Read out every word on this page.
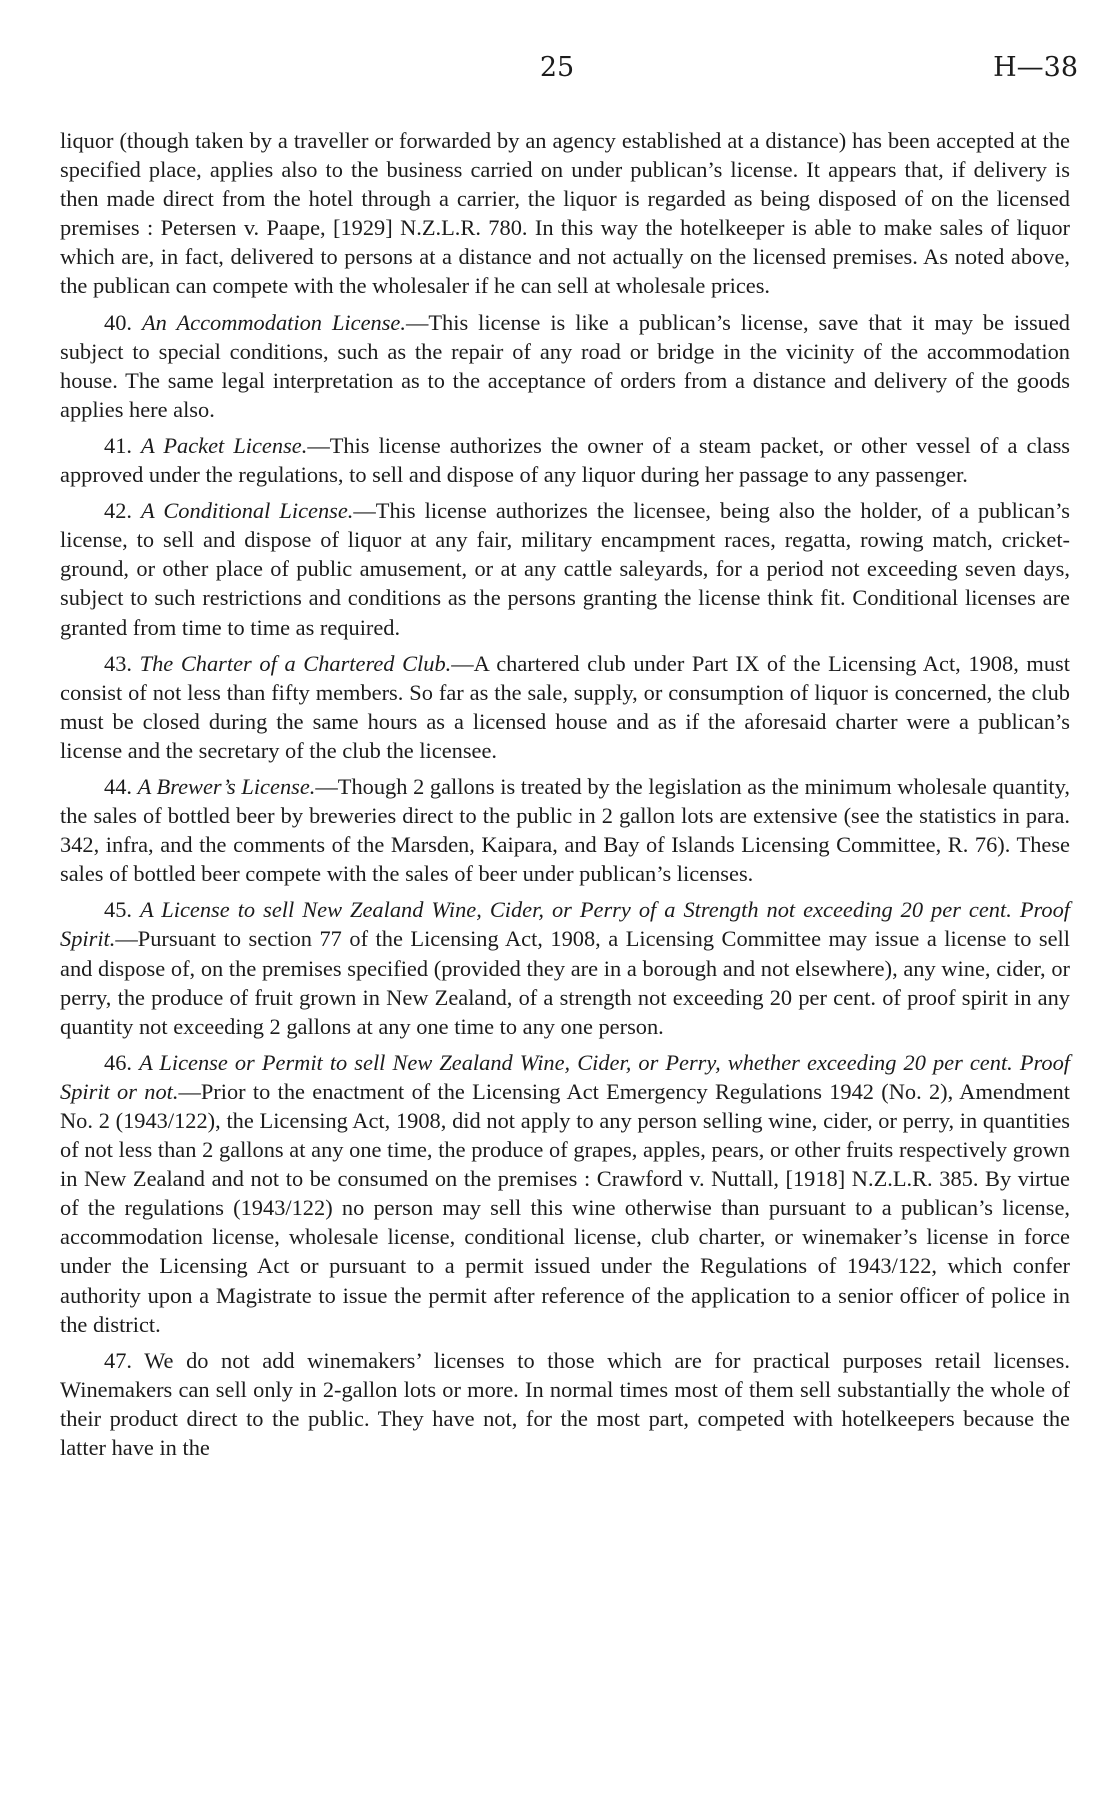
25	H—38

liquor (though taken by a traveller or forwarded by an agency established at a distance) has been accepted at the specified place, applies also to the business carried on under publican’s license. It appears that, if delivery is then made direct from the hotel through a carrier, the liquor is regarded as being disposed of on the licensed premises : Petersen v. Paape, [1929] N.Z.L.R. 780. In this way the hotelkeeper is able to make sales of liquor which are, in fact, delivered to persons at a distance and not actually on the licensed premises. As noted above, the publican can compete with the wholesaler if he can sell at wholesale prices.

40. An Accommodation License.—This license is like a publican’s license, save that it may be issued subject to special conditions, such as the repair of any road or bridge in the vicinity of the accommodation house. The same legal interpretation as to the acceptance of orders from a distance and delivery of the goods applies here also.

41. A Packet License.—This license authorizes the owner of a steam packet, or other vessel of a class approved under the regulations, to sell and dispose of any liquor during her passage to any passenger.

42. A Conditional License.—This license authorizes the licensee, being also the holder, of a publican’s license, to sell and dispose of liquor at any fair, military encampment races, regatta, rowing match, cricket-ground, or other place of public amusement, or at any cattle saleyards, for a period not exceeding seven days, subject to such restrictions and conditions as the persons granting the license think fit. Conditional licenses are granted from time to time as required.

43. The Charter of a Chartered Club.—A chartered club under Part IX of the Licensing Act, 1908, must consist of not less than fifty members. So far as the sale, supply, or consumption of liquor is concerned, the club must be closed during the same hours as a licensed house and as if the aforesaid charter were a publican’s license and the secretary of the club the licensee.

44. A Brewer’s License.—Though 2 gallons is treated by the legislation as the minimum wholesale quantity, the sales of bottled beer by breweries direct to the public in 2 gallon lots are extensive (see the statistics in para. 342, infra, and the comments of the Marsden, Kaipara, and Bay of Islands Licensing Committee, R. 76). These sales of bottled beer compete with the sales of beer under publican’s licenses.

45. A License to sell New Zealand Wine, Cider, or Perry of a Strength not exceeding 20 per cent. Proof Spirit.—Pursuant to section 77 of the Licensing Act, 1908, a Licensing Committee may issue a license to sell and dispose of, on the premises specified (provided they are in a borough and not elsewhere), any wine, cider, or perry, the produce of fruit grown in New Zealand, of a strength not exceeding 20 per cent. of proof spirit in any quantity not exceeding 2 gallons at any one time to any one person.

46. A License or Permit to sell New Zealand Wine, Cider, or Perry, whether exceeding 20 per cent. Proof Spirit or not.—Prior to the enactment of the Licensing Act Emergency Regulations 1942 (No. 2), Amendment No. 2 (1943/122), the Licensing Act, 1908, did not apply to any person selling wine, cider, or perry, in quantities of not less than 2 gallons at any one time, the produce of grapes, apples, pears, or other fruits respectively grown in New Zealand and not to be consumed on the premises : Crawford v. Nuttall, [1918] N.Z.L.R. 385. By virtue of the regulations (1943/122) no person may sell this wine otherwise than pursuant to a publican’s license, accommodation license, wholesale license, conditional license, club charter, or winemaker’s license in force under the Licensing Act or pursuant to a permit issued under the Regulations of 1943/122, which confer authority upon a Magistrate to issue the permit after reference of the application to a senior officer of police in the district.

47. We do not add winemakers’ licenses to those which are for practical purposes retail licenses. Winemakers can sell only in 2-gallon lots or more. In normal times most of them sell substantially the whole of their product direct to the public. They have not, for the most part, competed with hotelkeepers because the latter have in the
